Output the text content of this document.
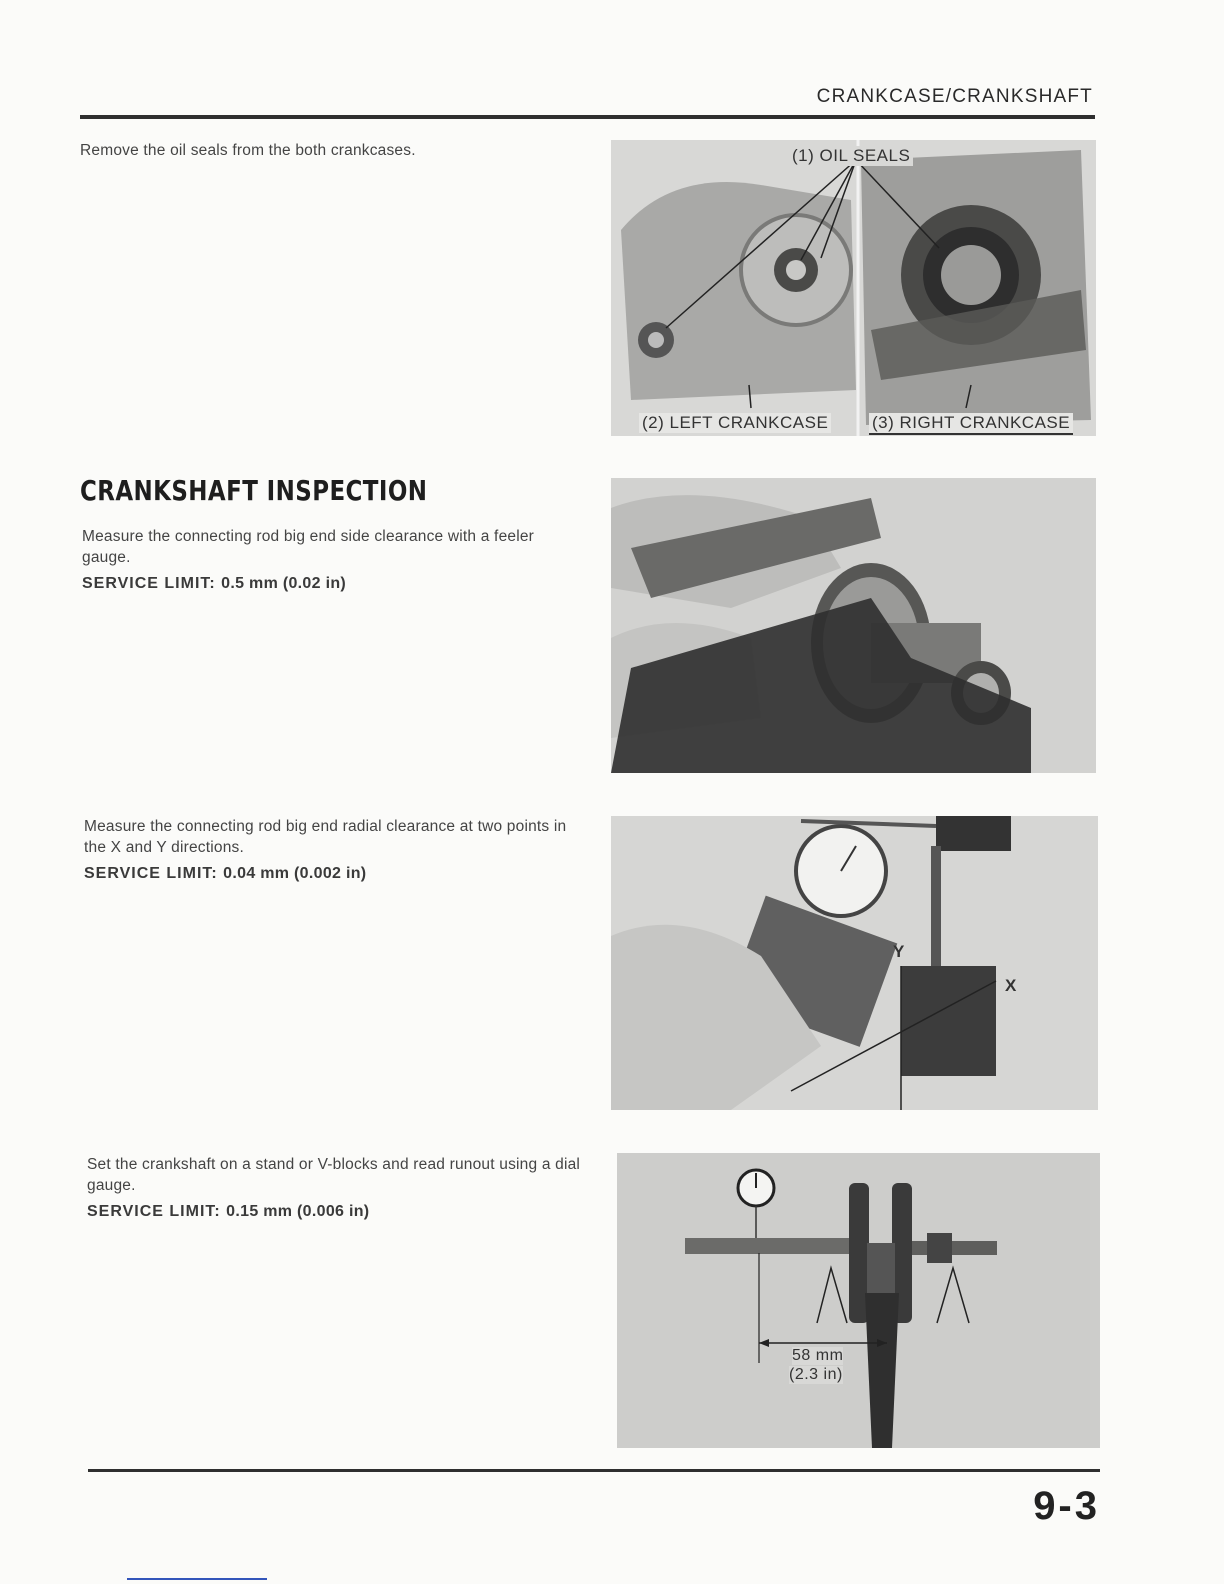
CRANKCASE/CRANKSHAFT
Remove the oil seals from the both crankcases.	(1) OIL SEALS
(2) LEFT CRANKCASE	(3) RIGHT CRANKCASE
CRANKSHAFT INSPECTION
Measure the connecting rod big end side clearance with a feeler gauge.
SERVICE LIMIT: 0.5 mm (0.02 in)
Measure the connecting rod big end radial clearance at two points in the X and Y directions.
SERVICE LIMIT: 0.04 mm (0.002 in)
Y
X
Set the crankshaft on a stand or V-blocks and read runout using a dial gauge.
SERVICE LIMIT: 0.15 mm (0.006 in)
58 mm
(2.3 in)
9-3
